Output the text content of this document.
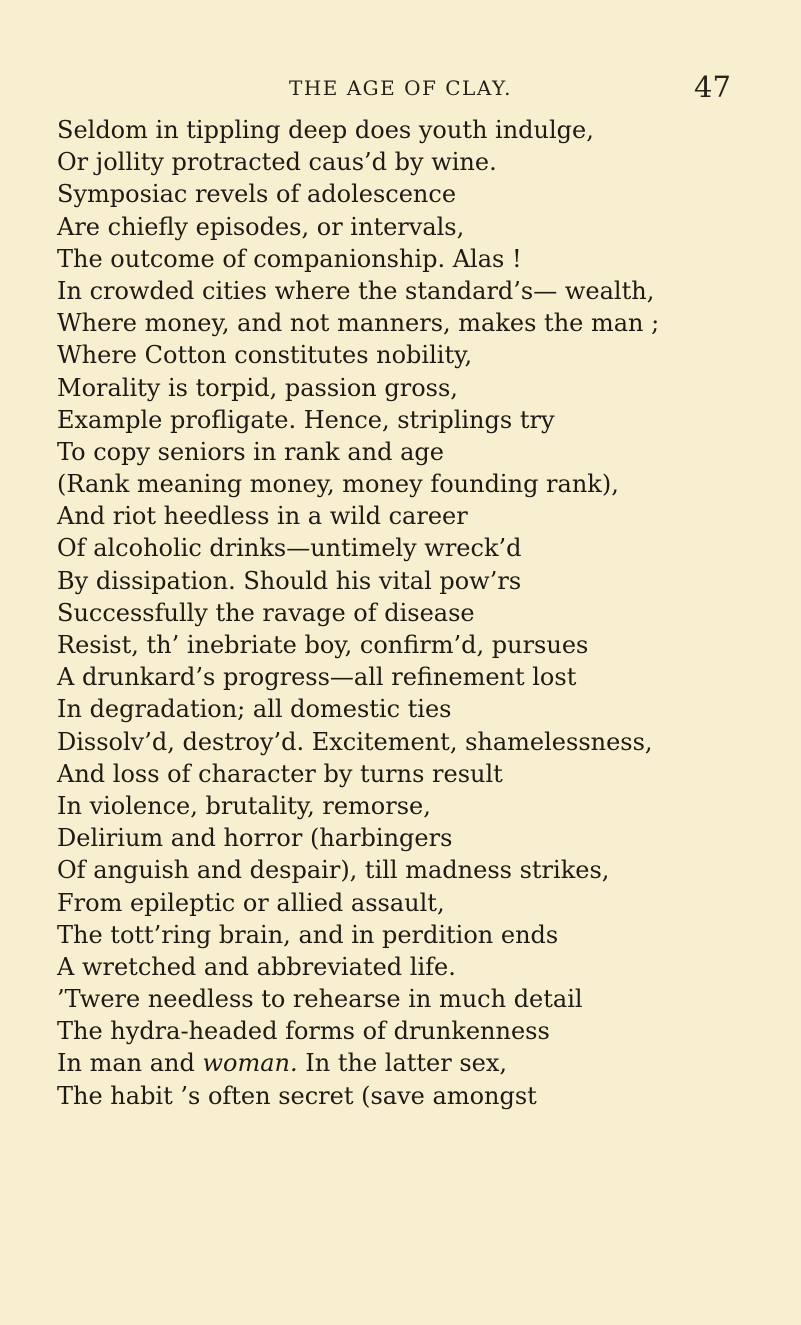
THE AGE OF CLAY.	47
Seldom in tippling deep does youth indulge,
Or jollity protracted caus’d by wine.
Symposiac revels of adolescence
Are chiefly episodes, or intervals,
The outcome of companionship. Alas !
In crowded cities where the standard’s— wealth,
Where money, and not manners, makes the man ;
Where Cotton constitutes nobility,
Morality is torpid, passion gross,
Example profligate. Hence, striplings try
To copy seniors in rank and age
(Rank meaning money, money founding rank),
And riot heedless in a wild career
Of alcoholic drinks—untimely wreck’d
By dissipation. Should his vital pow’rs
Successfully the ravage of disease
Resist, th’ inebriate boy, confirm’d, pursues
A drunkard’s progress—all refinement lost
In degradation; all domestic ties
Dissolv’d, destroy’d. Excitement, shamelessness,
And loss of character by turns result
In violence, brutality, remorse,
Delirium and horror (harbingers
Of anguish and despair), till madness strikes,
From epileptic or allied assault,
The tott’ring brain, and in perdition ends
A wretched and abbreviated life.
’Twere needless to rehearse in much detail
The hydra-headed forms of drunkenness
In man and woman. In the latter sex,
The habit ’s often secret (save amongst
